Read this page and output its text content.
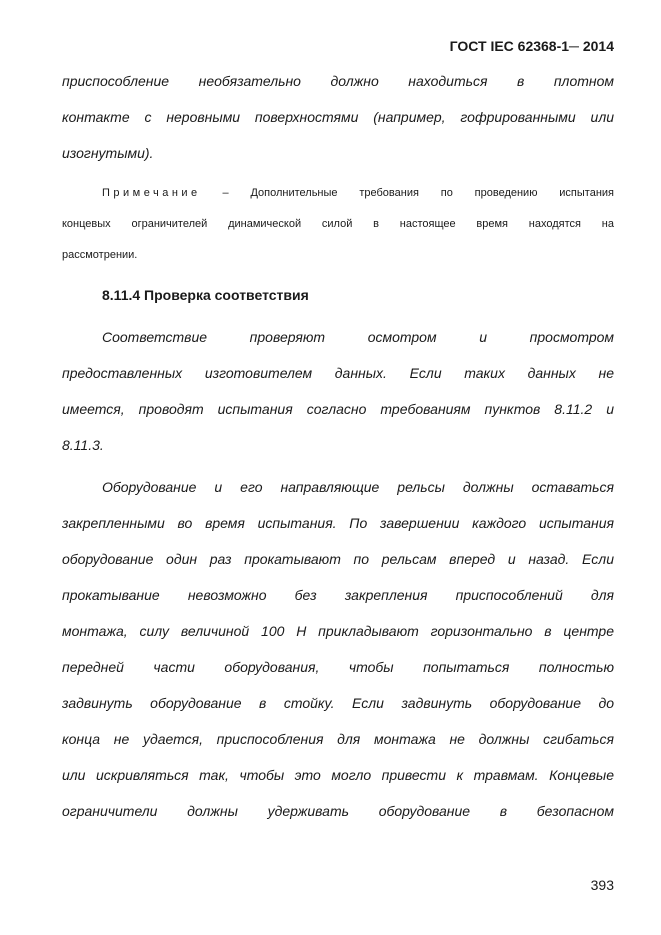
ГОСТ IEC 62368-1─ 2014
приспособление необязательно должно находиться в плотном
контакте с неровными поверхностями (например, гофрированными или
изогнутыми).
Примечание – Дополнительные требования по проведению испытания
концевых ограничителей динамической силой в настоящее время находятся на
рассмотрении.
8.11.4 Проверка соответствия
Соответствие проверяют осмотром и просмотром
предоставленных изготовителем данных. Если таких данных не
имеется, проводят испытания согласно требованиям пунктов 8.11.2 и
8.11.3.
Оборудование и его направляющие рельсы должны оставаться
закрепленными во время испытания. По завершении каждого испытания
оборудование один раз прокатывают по рельсам вперед и назад. Если
прокатывание невозможно без закрепления приспособлений для
монтажа, силу величиной 100 Н прикладывают горизонтально в центре
передней части оборудования, чтобы попытаться полностью
задвинуть оборудование в стойку. Если задвинуть оборудование до
конца не удается, приспособления для монтажа не должны сгибаться
или искривляться так, чтобы это могло привести к травмам. Концевые
ограничители должны удерживать оборудование в безопасном
393
